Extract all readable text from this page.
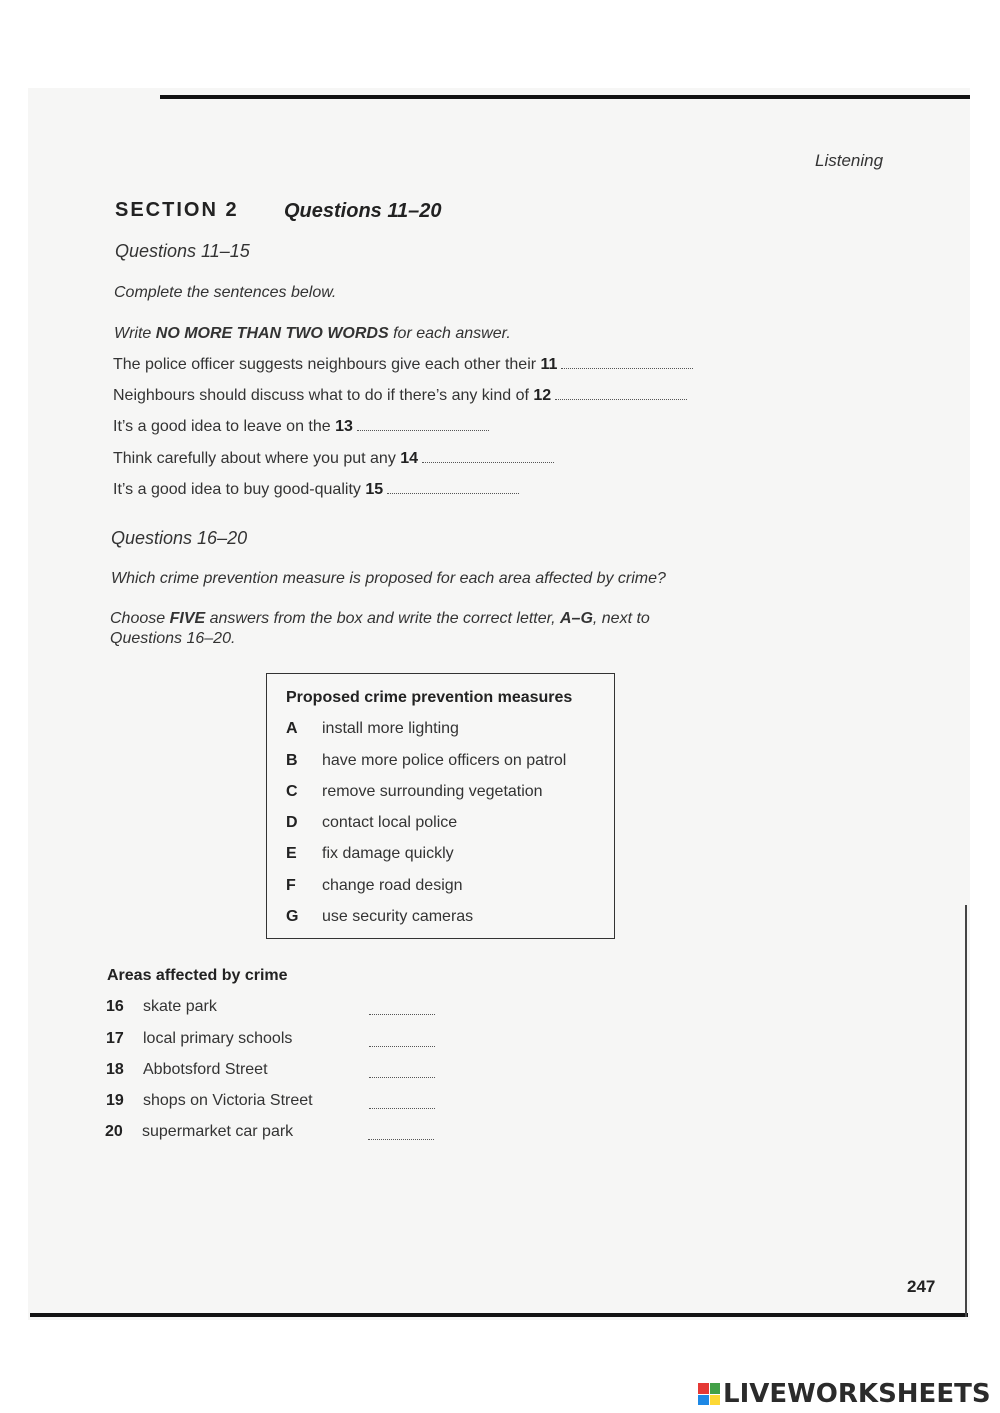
Listening
SECTION 2 Questions 11–20
Questions 11–15
Complete the sentences below.
Write NO MORE THAN TWO WORDS for each answer.
The police officer suggests neighbours give each other their 11
Neighbours should discuss what to do if there’s any kind of 12
It’s a good idea to leave on the 13
Think carefully about where you put any 14
It’s a good idea to buy good-quality 15
Questions 16–20
Which crime prevention measure is proposed for each area affected by crime?
Choose FIVE answers from the box and write the correct letter, A–G, next to
Questions 16–20.
Proposed crime prevention measures
A install more lighting
B have more police officers on patrol
C remove surrounding vegetation
D contact local police
E fix damage quickly
F change road design
G use security cameras
Areas affected by crime
16 skate park
17 local primary schools
18 Abbotsford Street
19 shops on Victoria Street
20 supermarket car park
247
LIVEWORKSHEETS
